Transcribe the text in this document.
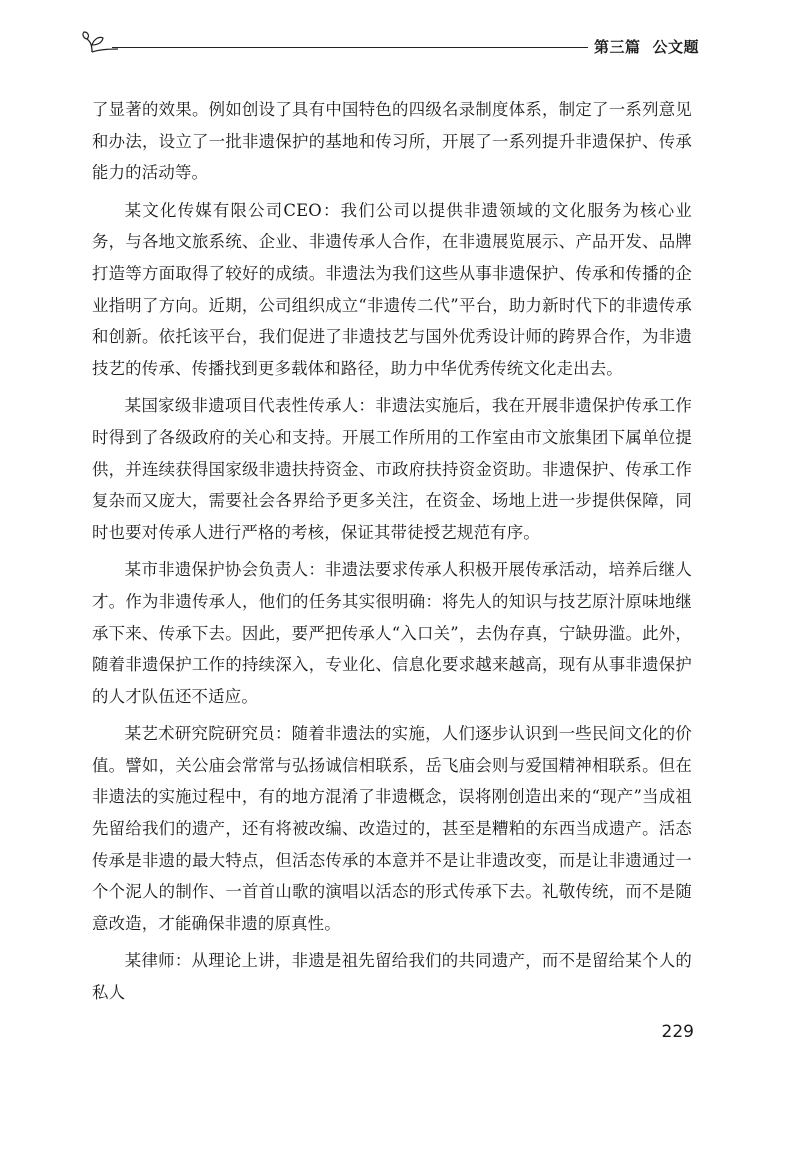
第三篇 公文题

了显著的效果。例如创设了具有中国特色的四级名录制度体系，制定了一系列意见和办法，设立了一批非遗保护的基地和传习所，开展了一系列提升非遗保护、传承能力的活动等。

某文化传媒有限公司CEO：我们公司以提供非遗领域的文化服务为核心业务，与各地文旅系统、企业、非遗传承人合作，在非遗展览展示、产品开发、品牌打造等方面取得了较好的成绩。非遗法为我们这些从事非遗保护、传承和传播的企业指明了方向。近期，公司组织成立“非遗传二代”平台，助力新时代下的非遗传承和创新。依托该平台，我们促进了非遗技艺与国外优秀设计师的跨界合作，为非遗技艺的传承、传播找到更多载体和路径，助力中华优秀传统文化走出去。

某国家级非遗项目代表性传承人：非遗法实施后，我在开展非遗保护传承工作时得到了各级政府的关心和支持。开展工作所用的工作室由市文旅集团下属单位提供，并连续获得国家级非遗扶持资金、市政府扶持资金资助。非遗保护、传承工作复杂而又庞大，需要社会各界给予更多关注，在资金、场地上进一步提供保障，同时也要对传承人进行严格的考核，保证其带徒授艺规范有序。

某市非遗保护协会负责人：非遗法要求传承人积极开展传承活动，培养后继人才。作为非遗传承人，他们的任务其实很明确：将先人的知识与技艺原汁原味地继承下来、传承下去。因此，要严把传承人“入口关”，去伪存真，宁缺毋滥。此外，随着非遗保护工作的持续深入，专业化、信息化要求越来越高，现有从事非遗保护的人才队伍还不适应。

某艺术研究院研究员：随着非遗法的实施，人们逐步认识到一些民间文化的价值。譬如，关公庙会常常与弘扬诚信相联系，岳飞庙会则与爱国精神相联系。但在非遗法的实施过程中，有的地方混淆了非遗概念，误将刚创造出来的“现产”当成祖先留给我们的遗产，还有将被改编、改造过的，甚至是糟粕的东西当成遗产。活态传承是非遗的最大特点，但活态传承的本意并不是让非遗改变，而是让非遗通过一个个泥人的制作、一首首山歌的演唱以活态的形式传承下去。礼敬传统，而不是随意改造，才能确保非遗的原真性。

某律师：从理论上讲，非遗是祖先留给我们的共同遗产，而不是留给某个人的私人

229
